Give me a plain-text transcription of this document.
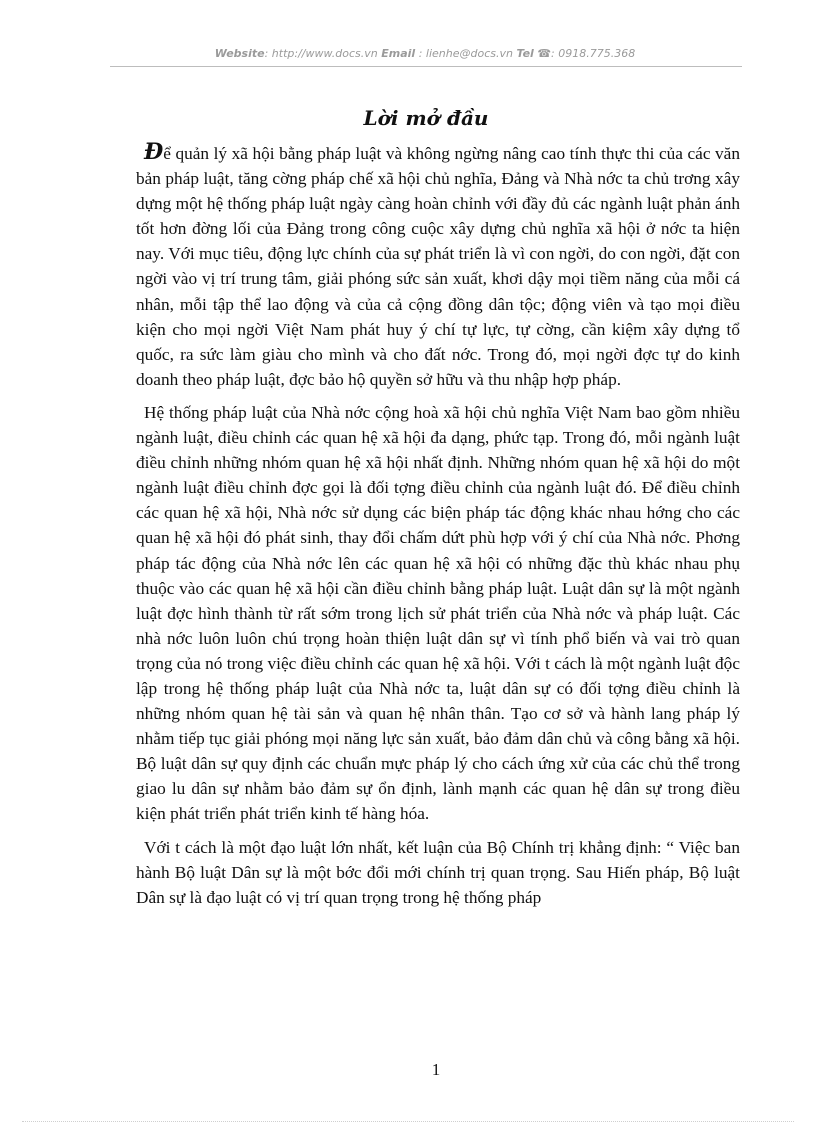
Website: http://www.docs.vn Email : lienhe@docs.vn Tel ☎: 0918.775.368
Lời mở đầu

Để quản lý xã hội bằng pháp luật và không ngừng nâng cao tính thực thi của các văn bản pháp luật, tăng cờng pháp chế xã hội chủ nghĩa, Đảng và Nhà nớc ta chủ trơng xây dựng một hệ thống pháp luật ngày càng hoàn chỉnh với đầy đủ các ngành luật phản ánh tốt hơn đờng lối của Đảng trong công cuộc xây dựng chủ nghĩa xã hội ở nớc ta hiện nay. Với mục tiêu, động lực chính của sự phát triển là vì con ngời, do con ngời, đặt con ngời vào vị trí trung tâm, giải phóng sức sản xuất, khơi dậy mọi tiềm năng của mỗi cá nhân, mỗi tập thể lao động và của cả cộng đồng dân tộc; động viên và tạo mọi điều kiện cho mọi ngời Việt Nam phát huy ý chí tự lực, tự cờng, cần kiệm xây dựng tổ quốc, ra sức làm giàu cho mình và cho đất nớc. Trong đó, mọi ngời đợc tự do kinh doanh theo pháp luật, đợc bảo hộ quyền sở hữu và thu nhập hợp pháp.

Hệ thống pháp luật của Nhà nớc cộng hoà xã hội chủ nghĩa Việt Nam bao gồm nhiều ngành luật, điều chỉnh các quan hệ xã hội đa dạng, phức tạp. Trong đó, mỗi ngành luật điều chỉnh những nhóm quan hệ xã hội nhất định. Những nhóm quan hệ xã hội do một ngành luật điều chỉnh đợc gọi là đối tợng điều chỉnh của ngành luật đó. Để điều chỉnh các quan hệ xã hội, Nhà nớc sử dụng các biện pháp tác động khác nhau hớng cho các quan hệ xã hội đó phát sinh, thay đổi chấm dứt phù hợp với ý chí của Nhà nớc. Phơng pháp tác động của Nhà nớc lên các quan hệ xã hội có những đặc thù khác nhau phụ thuộc vào các quan hệ xã hội cần điều chỉnh bằng pháp luật. Luật dân sự là một ngành luật đợc hình thành từ rất sớm trong lịch sử phát triển của Nhà nớc và pháp luật. Các nhà nớc luôn luôn chú trọng hoàn thiện luật dân sự vì tính phổ biến và vai trò quan trọng của nó trong việc điều chỉnh các quan hệ xã hội. Với t cách là một ngành luật độc lập trong hệ thống pháp luật của Nhà nớc ta, luật dân sự có đối tợng điều chỉnh là những nhóm quan hệ tài sản và quan hệ nhân thân. Tạo cơ sở và hành lang pháp lý nhằm tiếp tục giải phóng mọi năng lực sản xuất, bảo đảm dân chủ và công bằng xã hội. Bộ luật dân sự quy định các chuẩn mực pháp lý cho cách ứng xử của các chủ thể trong giao lu dân sự nhằm bảo đảm sự ổn định, lành mạnh các quan hệ dân sự trong điều kiện phát triển phát triển kinh tế hàng hóa.

Với t cách là một đạo luật lớn nhất, kết luận của Bộ Chính trị khẳng định: “ Việc ban hành Bộ luật Dân sự là một bớc đổi mới chính trị quan trọng. Sau Hiến pháp, Bộ luật Dân sự là đạo luật có vị trí quan trọng trong hệ thống pháp

1
